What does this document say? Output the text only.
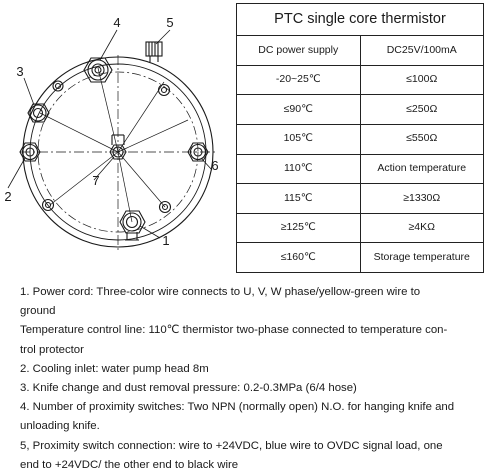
4	5
3
2
6
1
7
PTC single core thermistor	
DC power supply	DC25V/100mA
-20~25℃	≤100Ω
≤90℃	≤250Ω
105℃	≤550Ω
110℃	Action temperature
115℃	≥1330Ω
≥125℃	≥4KΩ
≤160℃	Storage temperature

1. Power cord: Three-color wire connects to U, V, W phase/yellow-green wire to

ground

Temperature control line: 110℃ thermistor two-phase connected to temperature con-

trol protector

2. Cooling inlet: water pump head 8m

3. Knife change and dust removal pressure: 0.2-0.3MPa (6/4 hose)

4. Number of proximity switches: Two NPN (normally open) N.O. for hanging knife and

unloading knife.

5, Proximity switch connection: wire to +24VDC, blue wire to OVDC signal load, one

end to +24VDC/ the other end to black wire
